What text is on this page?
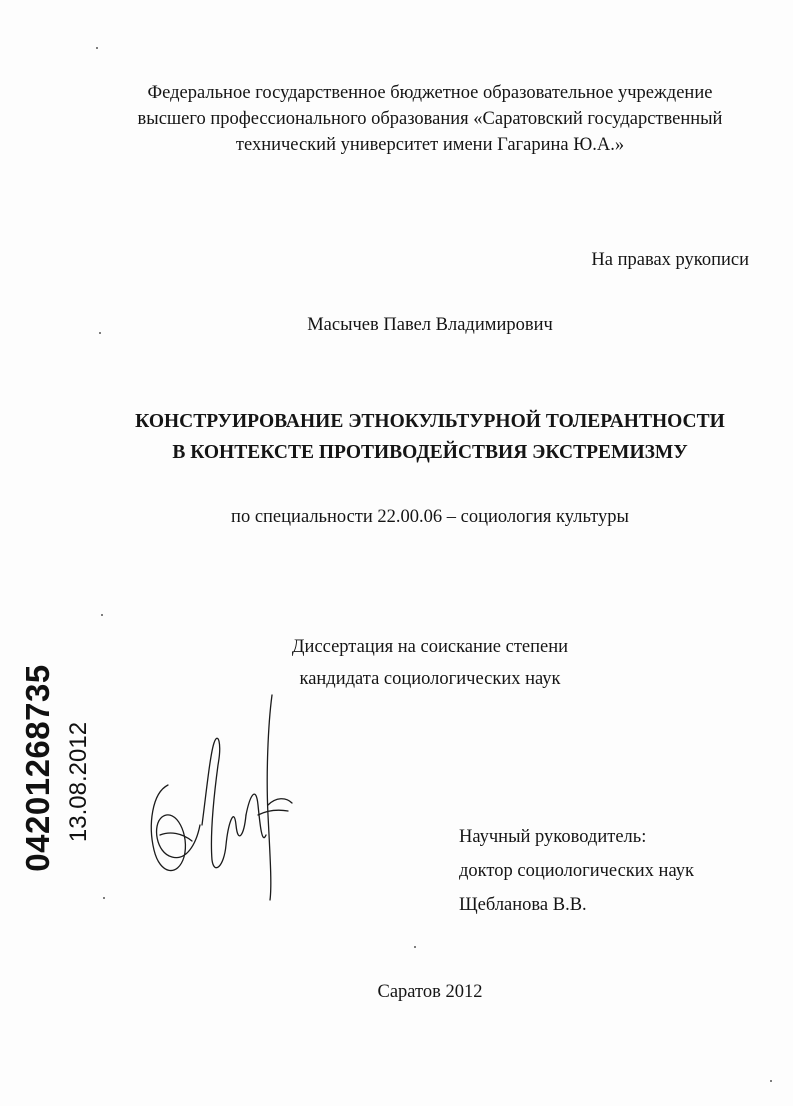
Федеральное государственное бюджетное образовательное учреждение
высшего профессионального образования «Саратовский государственный
технический университет имени Гагарина Ю.А.»
На правах рукописи
Масычев Павел Владимирович
КОНСТРУИРОВАНИЕ ЭТНОКУЛЬТУРНОЙ ТОЛЕРАНТНОСТИ
В КОНТЕКСТЕ ПРОТИВОДЕЙСТВИЯ ЭКСТРЕМИЗМУ
по специальности 22.00.06 – социология культуры
Диссертация на соискание степени
кандидата социологических наук
Научный руководитель:
доктор социологических наук
Щебланова В.В.
Саратов 2012
04201268735 13.08.2012
